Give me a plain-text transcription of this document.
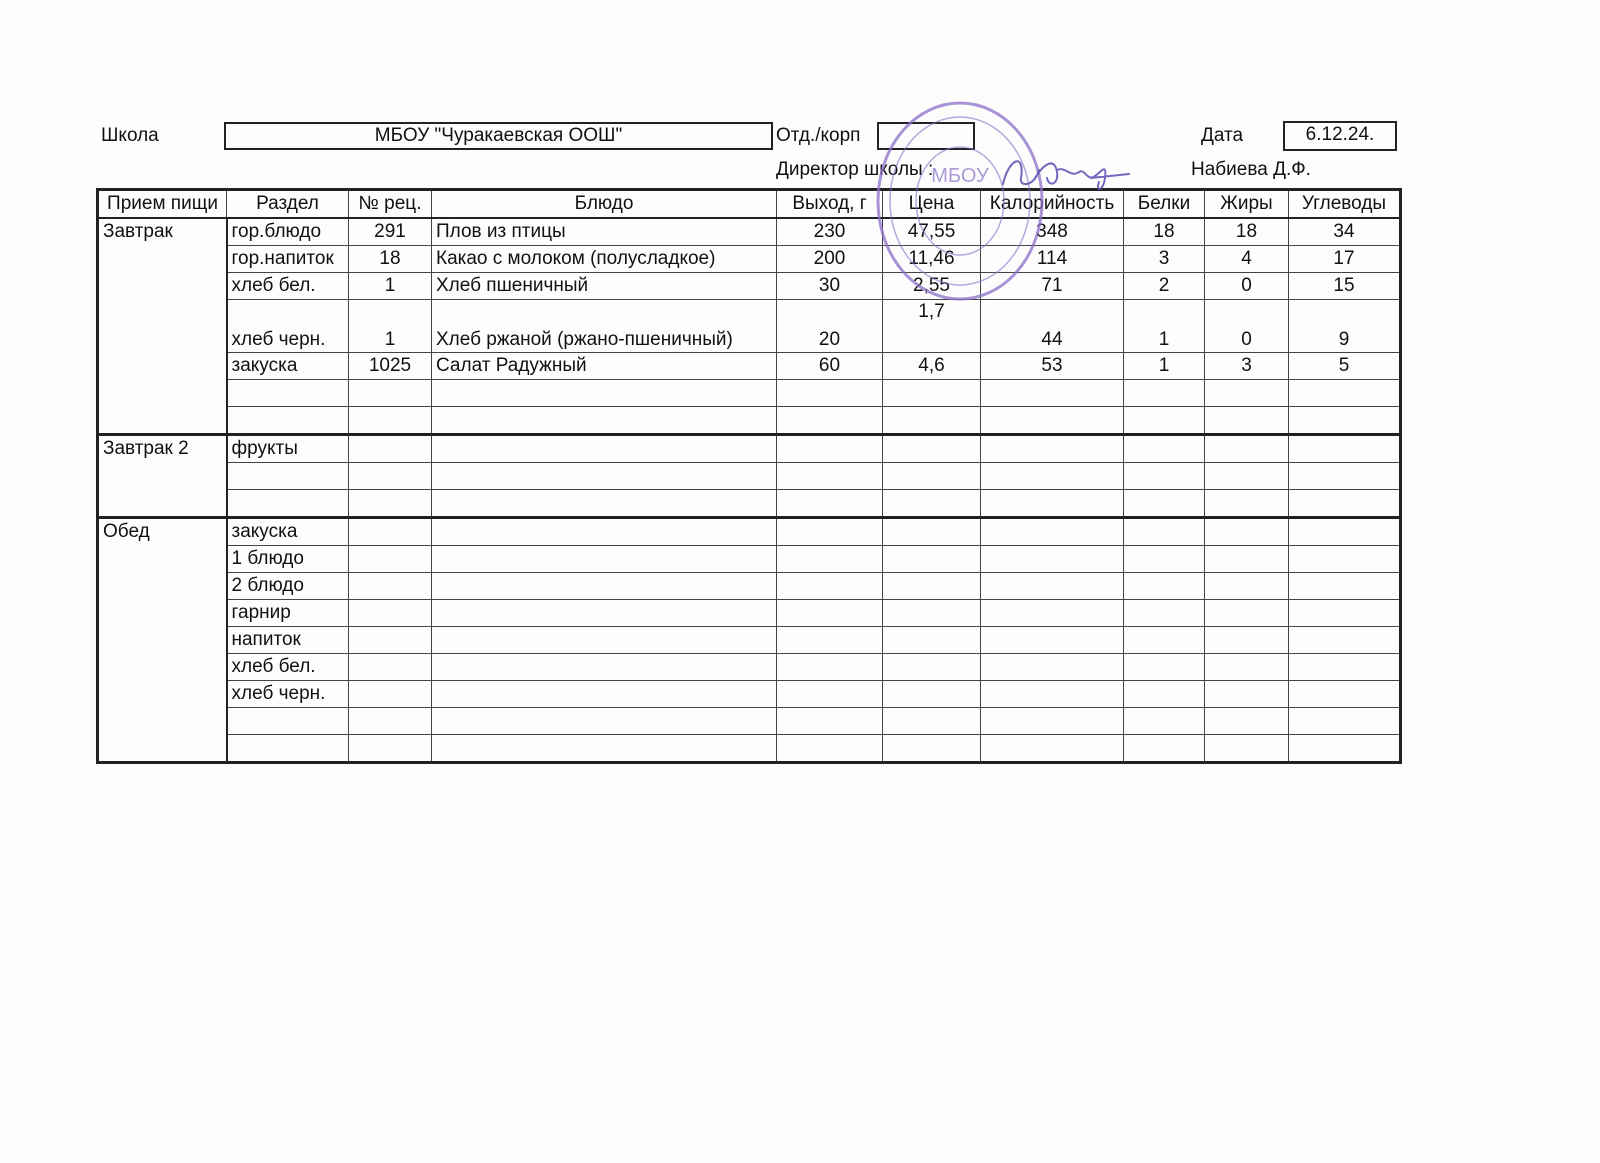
Школа	МБОУ "Чуракаевская ООШ"	Отд./корп	Дата	6.12.24.
Директор школы :	Набиева Д.Ф.
Прием пищи	Раздел	№ рец.	Блюдо	Выход, г	Цена	Калорийность	Белки	Жиры	Углеводы
Завтрак	гор.блюдо	291	Плов из птицы	230	47,55	348	18	18	34
	гор.напиток	18	Какао с молоком (полусладкое)	200	11,46	114	3	4	17
	хлеб бел.	1	Хлеб пшеничный	30	2,55	71	2	0	15
	хлеб черн.	1	Хлеб ржаной (ржано-пшеничный)	20	1,7	44	1	0	9
	закуска	1025	Салат Радужный	60	4,6	53	1	3	5

Завтрак 2	фрукты								

Обед	закуска								
	1 блюдо								
	2 блюдо								
	гарнир								
	напиток								
	хлеб бел.								
	хлеб черн.								

МБОУ
